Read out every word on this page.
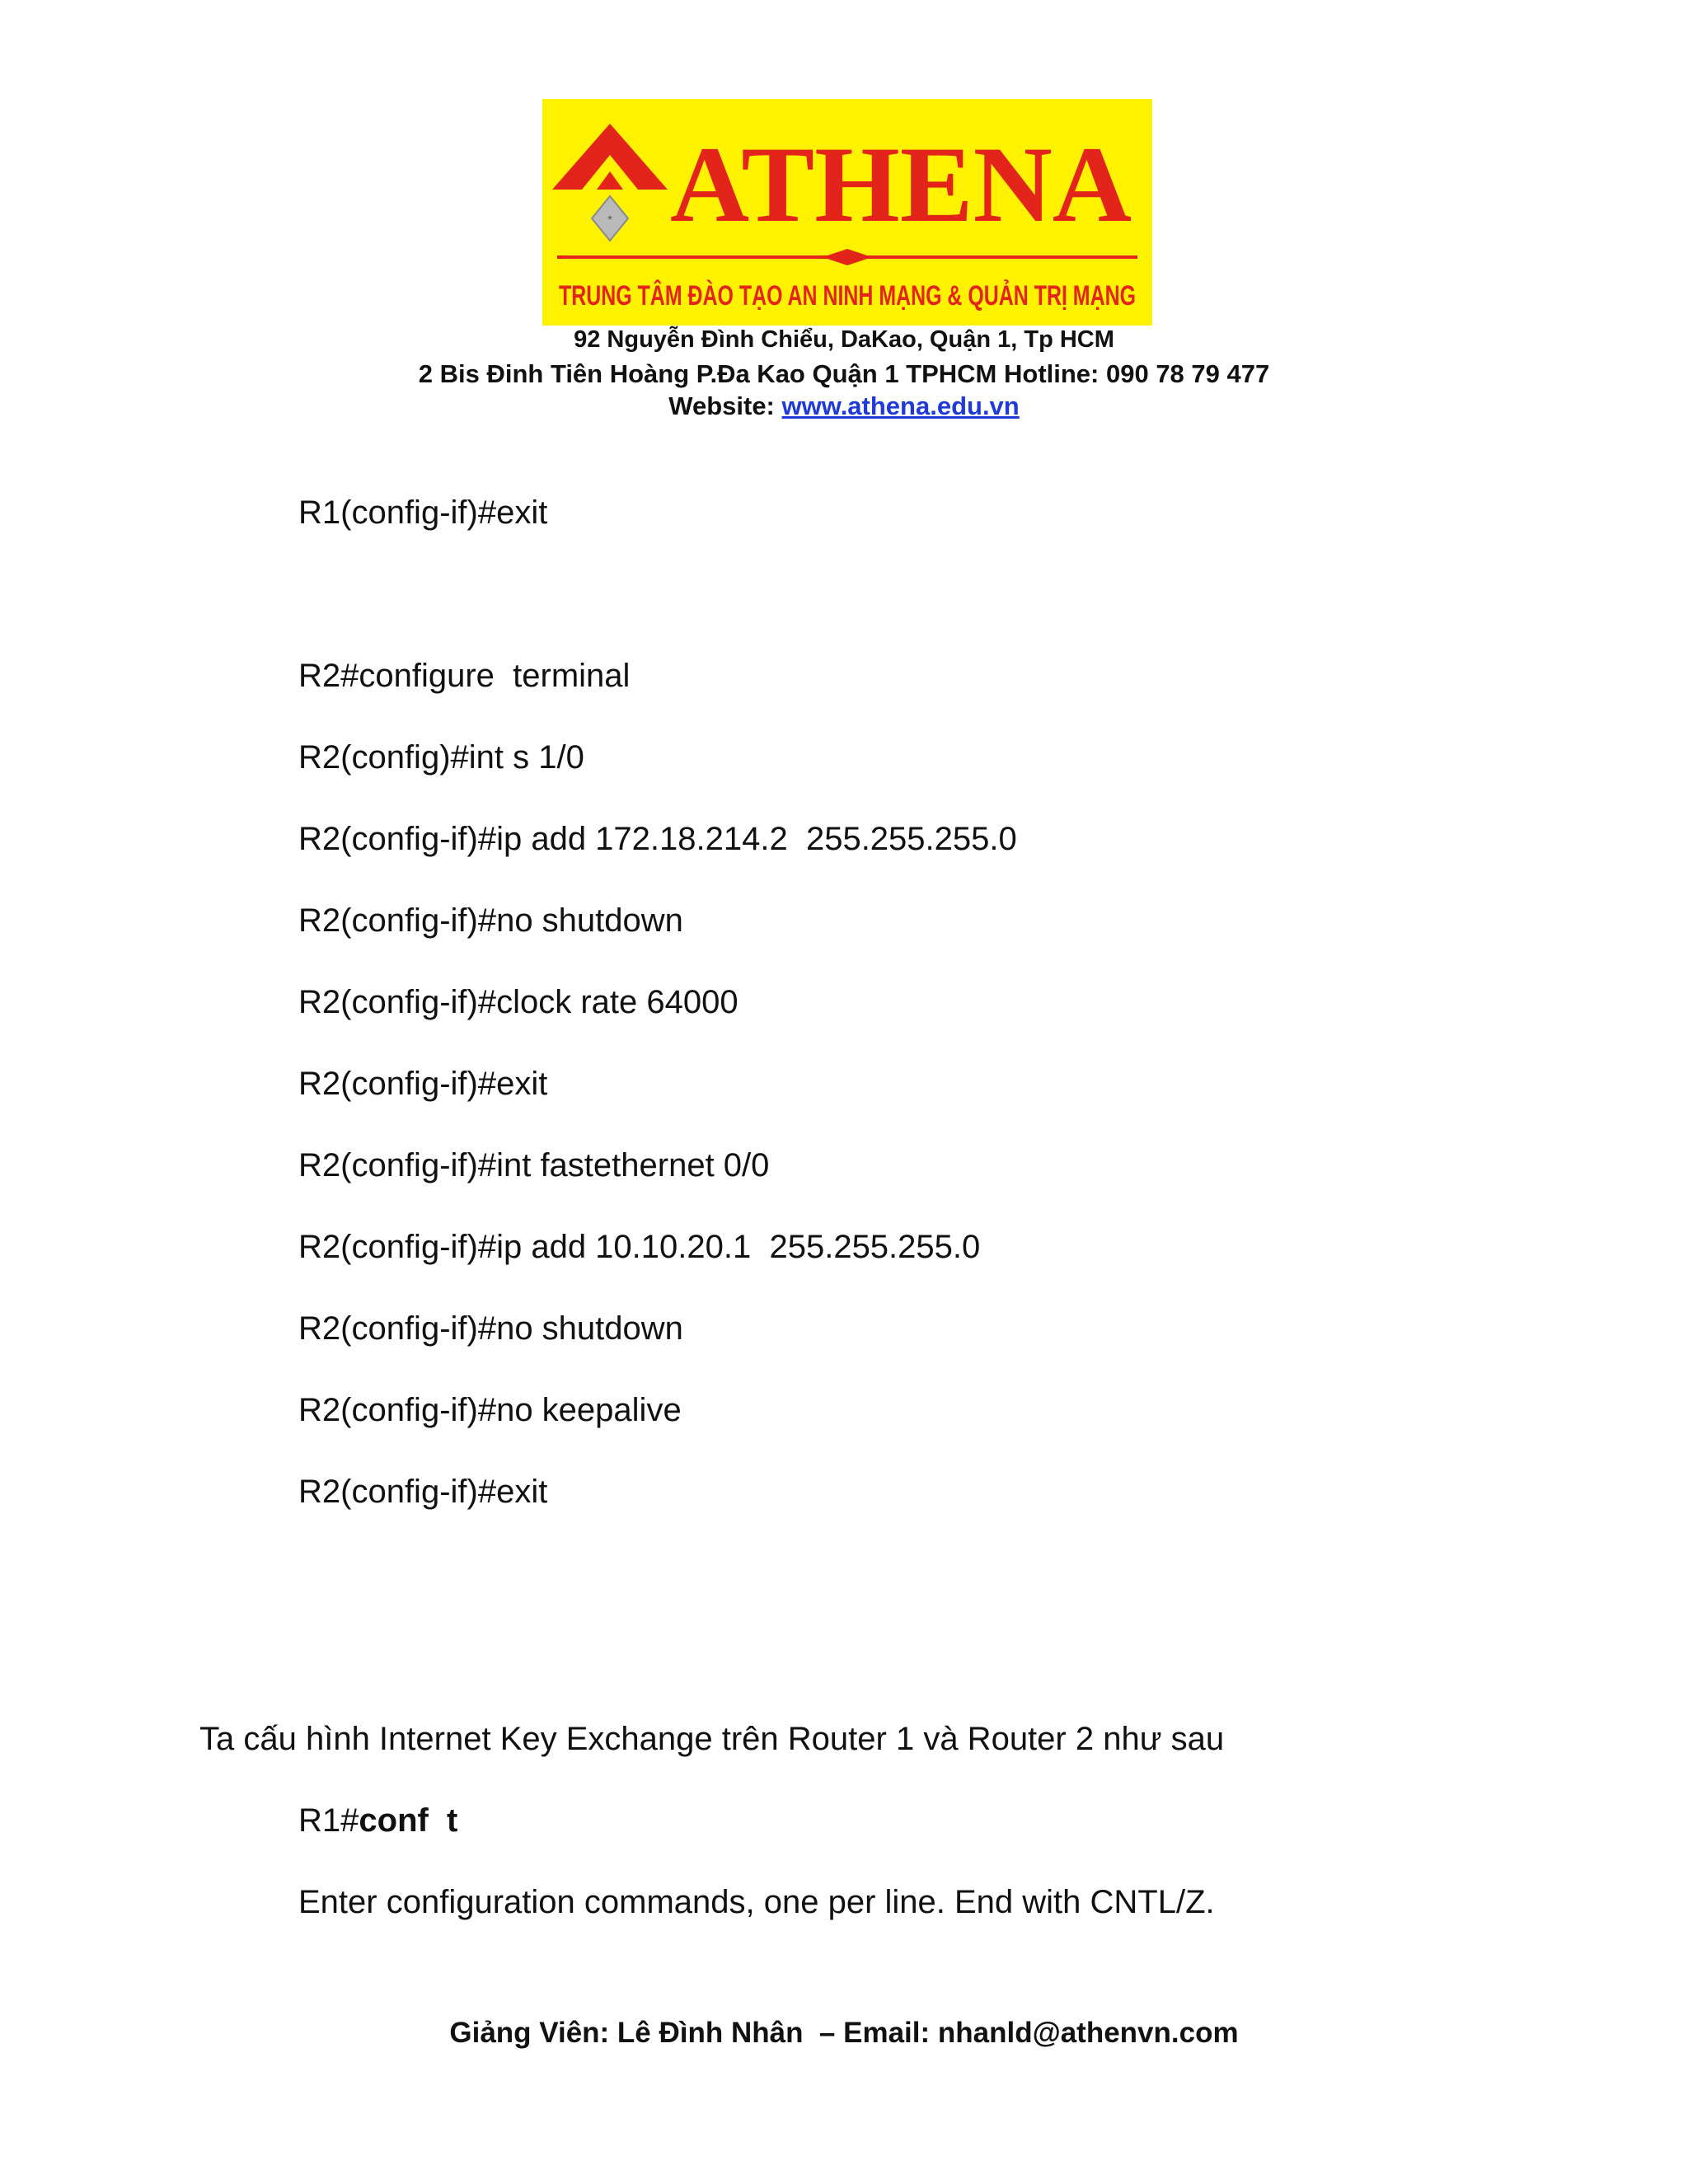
* ATHENA
TRUNG TÂM ĐÀO TẠO AN NINH MẠNG & QUẢN TRỊ MẠNG
92 Nguyễn Đình Chiểu, DaKao, Quận 1, Tp HCM
2 Bis Đinh Tiên Hoàng P.Đa Kao Quận 1 TPHCM Hotline: 090 78 79 477
Website: www.athena.edu.vn
R1(config-if)#exit
R2#configure  terminal
R2(config)#int s 1/0
R2(config-if)#ip add 172.18.214.2  255.255.255.0
R2(config-if)#no shutdown
R2(config-if)#clock rate 64000
R2(config-if)#exit
R2(config-if)#int fastethernet 0/0
R2(config-if)#ip add 10.10.20.1  255.255.255.0
R2(config-if)#no shutdown
R2(config-if)#no keepalive
R2(config-if)#exit
Ta cấu hình Internet Key Exchange trên Router 1 và Router 2 như sau
R1#conf  t
Enter configuration commands, one per line. End with CNTL/Z.
Giảng Viên: Lê Đình Nhân  – Email: nhanld@athenvn.com
